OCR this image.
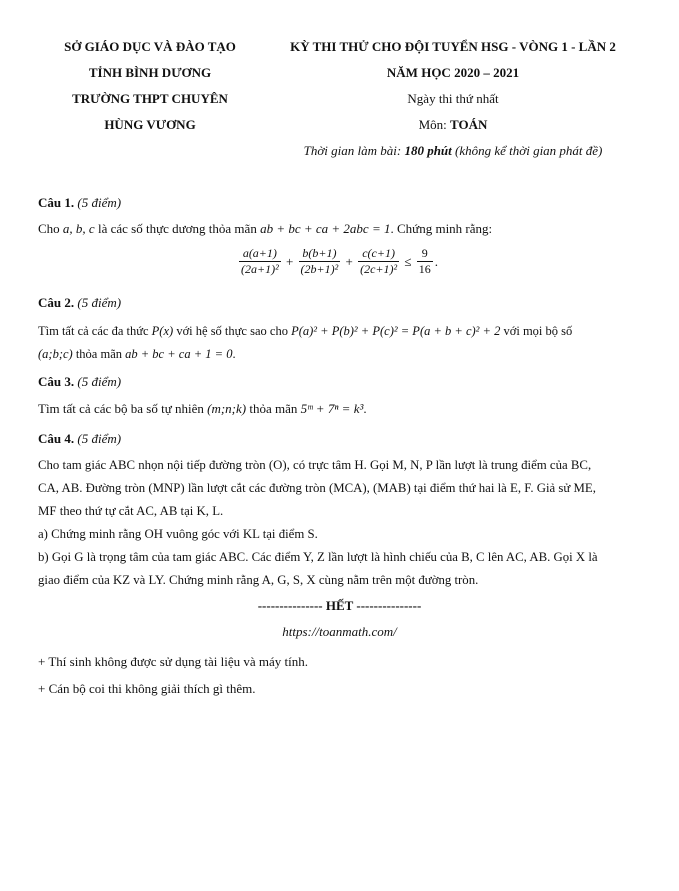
SỞ GIÁO DỤC VÀ ĐÀO TẠO
TỈNH BÌNH DƯƠNG
TRƯỜNG THPT CHUYÊN
HÙNG VƯƠNG
KỲ THI THỬ CHO ĐỘI TUYỂN HSG - VÒNG 1 - LẦN 2
NĂM HỌC 2020 – 2021
Ngày thi thứ nhất
Môn: TOÁN
Thời gian làm bài: 180 phút (không kể thời gian phát đề)
Câu 1. (5 điểm)
Cho a, b, c là các số thực dương thỏa mãn ab + bc + ca + 2abc = 1. Chứng minh rằng:
$\frac{a(a+1)}{\text{(2a+1)²}} + \frac{b(b+1)}{\text{(2b+1)²}} + \frac{c(c+1)}{\text{(2c+1)²}} \le \frac{9}{16}$ .
Câu 2. (5 điểm)
Tìm tất cả các đa thức P(x) với hệ số thực sao cho P(a)² + P(b)² + P(c)² = P(a + b + c)² + 2 với mọi bộ số
(a;b;c) thỏa mãn ab + bc + ca + 1 = 0.
Câu 3. (5 điểm)
Tìm tất cả các bộ ba số tự nhiên (m;n;k) thỏa mãn 5ᵐ + 7ⁿ = k³.
Câu 4. (5 điểm)
Cho tam giác ABC nhọn nội tiếp đường tròn (O), có trực tâm H. Gọi M, N, P lần lượt là trung điểm của BC,
CA, AB. Đường tròn (MNP) lần lượt cắt các đường tròn (MCA), (MAB) tại điểm thứ hai là E, F. Giả sử ME,
MF theo thứ tự cắt AC, AB tại K, L.
a) Chứng minh rằng OH vuông góc với KL tại điểm S.
b) Gọi G là trọng tâm của tam giác ABC. Các điểm Y, Z lần lượt là hình chiếu của B, C lên AC, AB. Gọi X là
giao điểm của KZ và LY. Chứng minh rằng A, G, S, X cùng nằm trên một đường tròn.
--------------- HẾT ---------------
https://toanmath.com/
+ Thí sinh không được sử dụng tài liệu và máy tính.
+ Cán bộ coi thi không giải thích gì thêm.
